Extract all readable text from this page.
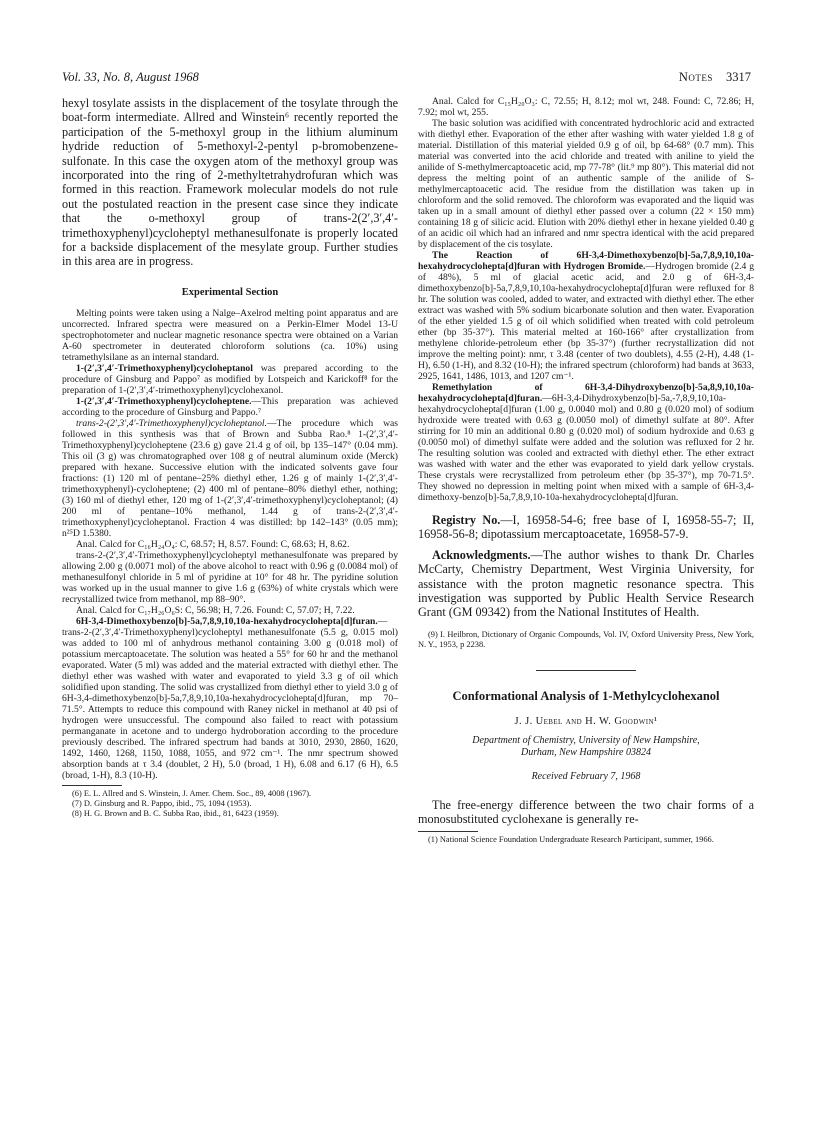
Vol. 33, No. 8, August 1968	Notes 3317

hexyl tosylate assists in the displacement of the tosylate through the boat-form intermediate. Allred and Winstein⁶ recently reported the participation of the 5-methoxyl group in the lithium aluminum hydride reduction of 5-methoxyl-2-pentyl p-bromobenzene-sulfonate. In this case the oxygen atom of the methoxyl group was incorporated into the ring of 2-methyltetrahydrofuran which was formed in this reaction. Framework molecular models do not rule out the postulated reaction in the present case since they indicate that the o-methoxyl group of trans-2(2′,3′,4′-trimethoxyphenyl)cycloheptyl methanesulfonate is properly located for a backside displacement of the mesylate group. Further studies in this area are in progress.

Experimental Section

Melting points were taken using a Nalge–Axelrod melting point apparatus and are uncorrected. Infrared spectra were measured on a Perkin-Elmer Model 13-U spectrophotometer and nuclear magnetic resonance spectra were obtained on a Varian A-60 spectrometer in deuterated chloroform solutions (ca. 10%) using tetramethylsilane as an internal standard.

1-(2′,3′,4′-Trimethoxyphenyl)cycloheptanol was prepared according to the procedure of Ginsburg and Pappo⁷ as modified by Lotspeich and Karickoff⁸ for the preparation of 1-(2′,3′,4′-trimethoxyphenyl)cyclohexanol.

1-(2′,3′,4′-Trimethoxyphenyl)cycloheptene.—This preparation was achieved according to the procedure of Ginsburg and Pappo.⁷

trans-2-(2′,3′,4′-Trimethoxyphenyl)cycloheptanol.—The procedure which was followed in this synthesis was that of Brown and Subba Rao.⁸ 1-(2′,3′,4′-Trimethoxyphenyl)cycloheptene (23.6 g) gave 21.4 g of oil, bp 135–147° (0.04 mm). This oil (3 g) was chromatographed over 108 g of neutral aluminum oxide (Merck) prepared with hexane. Successive elution with the indicated solvents gave four fractions: (1) 120 ml of pentane–25% diethyl ether, 1.26 g of mainly 1-(2′,3′,4′-trimethoxyphenyl)-cycloheptene; (2) 400 ml of pentane–80% diethyl ether, nothing; (3) 160 ml of diethyl ether, 120 mg of 1-(2′,3′,4′-trimethoxyphenyl)cycloheptanol; (4) 200 ml of pentane–10% methanol, 1.44 g of trans-2-(2′,3′,4′-trimethoxyphenyl)cycloheptanol. Fraction 4 was distilled: bp 142–143° (0.05 mm); n²⁵D 1.5380.

Anal. Calcd for C₁₆H₂₄O₄: C, 68.57; H, 8.57. Found: C, 68.63; H, 8.62.

trans-2-(2′,3′,4′-Trimethoxyphenyl)cycloheptyl methanesulfonate was prepared by allowing 2.00 g (0.0071 mol) of the above alcohol to react with 0.96 g (0.0084 mol) of methanesulfonyl chloride in 5 ml of pyridine at 10° for 48 hr. The pyridine solution was worked up in the usual manner to give 1.6 g (63%) of white crystals which were recrystallized twice from methanol, mp 88–90°.

Anal. Calcd for C₁₇H₂₆O₆S: C, 56.98; H, 7.26. Found: C, 57.07; H, 7.22.

6H-3,4-Dimethoxybenzo[b]-5a,7,8,9,10,10a-hexahydrocyclohepta[d]furan.—trans-2-(2′,3′,4′-Trimethoxyphenyl)cycloheptyl methanesulfonate (5.5 g, 0.015 mol) was added to 100 ml of anhydrous methanol containing 3.00 g (0.018 mol) of potassium mercaptoacetate. The solution was heated a 55° for 60 hr and the methanol evaporated. Water (5 ml) was added and the material extracted with diethyl ether. The diethyl ether was washed with water and evaporated to yield 3.3 g of oil which solidified upon standing. The solid was crystallized from diethyl ether to yield 3.0 g of 6H-3,4-dimethoxybenzo[b]-5a,7,8,9,10,10a-hexahydrocyclohepta[d]furan, mp 70–71.5°. Attempts to reduce this compound with Raney nickel in methanol at 40 psi of hydrogen were unsuccessful. The compound also failed to react with potassium permanganate in acetone and to undergo hydroboration according to the procedure previously described. The infrared spectrum had bands at 3010, 2930, 2860, 1620, 1492, 1460, 1268, 1150, 1088, 1055, and 972 cm⁻¹. The nmr spectrum showed absorption bands at τ 3.4 (doublet, 2 H), 5.0 (broad, 1 H), 6.08 and 6.17 (6 H), 6.5 (broad, 1-H), 8.3 (10-H).

(6) E. L. Allred and S. Winstein, J. Amer. Chem. Soc., 89, 4008 (1967).
(7) D. Ginsburg and R. Pappo, ibid., 75, 1094 (1953).
(8) H. G. Brown and B. C. Subba Rao, ibid., 81, 6423 (1959).

Anal. Calcd for C₁₅H₂₀O₃: C, 72.55; H, 8.12; mol wt, 248. Found: C, 72.86; H, 7.92; mol wt, 255.

The basic solution was acidified with concentrated hydrochloric acid and extracted with diethyl ether. Evaporation of the ether after washing with water yielded 1.8 g of material. Distillation of this material yielded 0.9 g of oil, bp 64-68° (0.7 mm). This material was converted into the acid chloride and treated with aniline to yield the anilide of S-methylmercaptoacetic acid, mp 77-78° (lit.⁹ mp 80°). This material did not depress the melting point of an authentic sample of the anilide of S-methylmercaptoacetic acid. The residue from the distillation was taken up in chloroform and the solid removed. The chloroform was evaporated and the liquid was taken up in a small amount of diethyl ether passed over a column (22 × 150 mm) containing 18 g of silicic acid. Elution with 20% diethyl ether in hexane yielded 0.40 g of an acidic oil which had an infrared and nmr spectra identical with the acid prepared by displacement of the cis tosylate.

The Reaction of 6H-3,4-Dimethoxybenzo[b]-5a,7,8,9,10,10a-hexahydrocyclohepta[d]furan with Hydrogen Bromide.—Hydrogen bromide (2.4 g of 48%), 5 ml of glacial acetic acid, and 2.0 g of 6H-3,4-dimethoxybenzo[b]-5a,7,8,9,10,10a-hexahydrocyclohepta[d]furan were refluxed for 8 hr. The solution was cooled, added to water, and extracted with diethyl ether. The ether extract was washed with 5% sodium bicarbonate solution and then water. Evaporation of the ether yielded 1.5 g of oil which solidified when treated with cold petroleum ether (bp 35-37°). This material melted at 160-166° after crystallization from methylene chloride-petroleum ether (bp 35-37°) (further recrystallization did not improve the melting point): nmr, τ 3.48 (center of two doublets), 4.55 (2-H), 4.48 (1-H), 6.50 (1-H), and 8.32 (10-H); the infrared spectrum (chloroform) had bands at 3633, 2925, 1641, 1486, 1013, and 1207 cm⁻¹.

Remethylation of 6H-3,4-Dihydroxybenzo[b]-5a,8,9,10,10a-hexahydrocyclohepta[d]furan.—6H-3,4-Dihydroxybenzo[b]-5a,-7,8,9,10,10a-hexahydrocyclohepta[d]furan (1.00 g, 0.0040 mol) and 0.80 g (0.020 mol) of sodium hydroxide were treated with 0.63 g (0.0050 mol) of dimethyl sulfate at 80°. After stirring for 10 min an additional 0.80 g (0.020 mol) of sodium hydroxide and 0.63 g (0.0050 mol) of dimethyl sulfate were added and the solution was refluxed for 2 hr. The resulting solution was cooled and extracted with diethyl ether. The ether extract was washed with water and the ether was evaporated to yield dark yellow crystals. These crystals were recrystallized from petroleum ether (bp 35-37°), mp 70-71.5°. They showed no depression in melting point when mixed with a sample of 6H-3,4-dimethoxy-benzo[b]-5a,7,8,9,10-10a-hexahydrocyclohepta[d]furan.

Registry No.—I, 16958-54-6; free base of I, 16958-55-7; II, 16958-56-8; dipotassium mercaptoacetate, 16958-57-9.

Acknowledgments.—The author wishes to thank Dr. Charles McCarty, Chemistry Department, West Virginia University, for assistance with the proton magnetic resonance spectra. This investigation was supported by Public Health Service Research Grant (GM 09342) from the National Institutes of Health.

(9) I. Heilbron, Dictionary of Organic Compounds, Vol. IV, Oxford University Press, New York, N. Y., 1953, p 2238.
Conformational Analysis of 1-Methylcyclohexanol
J. J. Uebel and H. W. Goodwin¹
Department of Chemistry, University of New Hampshire,
Durham, New Hampshire 03824
Received February 7, 1968

The free-energy difference between the two chair forms of a monosubstituted cyclohexane is generally re-

(1) National Science Foundation Undergraduate Research Participant, summer, 1966.
